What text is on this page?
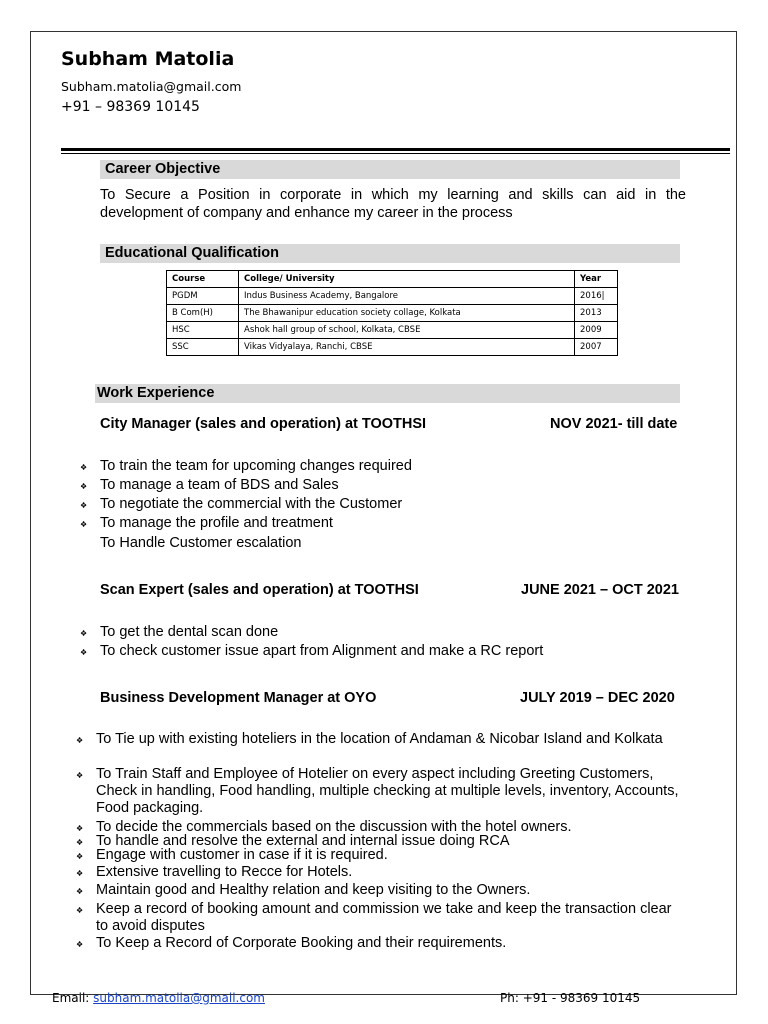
Subham Matolia
Subham.matolia@gmail.com
+91 – 98369 10145
Career Objective
To Secure a Position in corporate in which my learning and skills can aid in the development of company and enhance my career in the process
Educational Qualification
Course	College/ University	Year
PGDM	Indus Business Academy, Bangalore	2016|
B Com(H)	The Bhawanipur education society collage, Kolkata	2013
HSC	Ashok hall group of school, Kolkata, CBSE	2009
SSC	Vikas Vidyalaya, Ranchi, CBSE	2007
Work Experience
City Manager (sales and operation) at TOOTHSI	NOV 2021- till date
❖ To train the team for upcoming changes required
❖ To manage a team of BDS and Sales
❖ To negotiate the commercial with the Customer
❖ To manage the profile and treatment
To Handle Customer escalation
Scan Expert (sales and operation) at TOOTHSI	JUNE 2021 – OCT 2021
❖ To get the dental scan done
❖ To check customer issue apart from Alignment and make a RC report
Business Development Manager at OYO	JULY 2019 – DEC 2020
❖ To Tie up with existing hoteliers in the location of Andaman & Nicobar Island and Kolkata
❖ To Train Staff and Employee of Hotelier on every aspect including Greeting Customers, Check in handling, Food handling, multiple checking at multiple levels, inventory, Accounts, Food packaging.
❖ To decide the commercials based on the discussion with the hotel owners.
❖ To handle and resolve the external and internal issue doing RCA
❖ Engage with customer in case if it is required.
❖ Extensive travelling to Recce for Hotels.
❖ Maintain good and Healthy relation and keep visiting to the Owners.
❖ Keep a record of booking amount and commission we take and keep the transaction clear to avoid disputes
❖ To Keep a Record of Corporate Booking and their requirements.
Email: subham.matolia@gmail.com	Ph: +91 - 98369 10145
